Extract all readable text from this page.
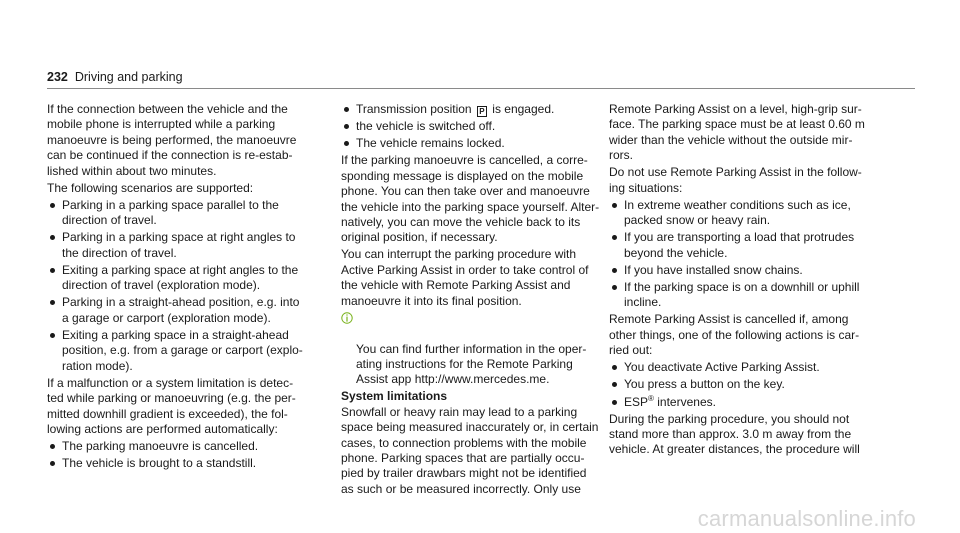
232 Driving and parking
If the connection between the vehicle and the
mobile phone is interrupted while a parking
manoeuvre is being performed, the manoeuvre
can be continued if the connection is re-estab-
lished within about two minutes.
The following scenarios are supported:
Parking in a parking space parallel to the
direction of travel.
Parking in a parking space at right angles to
the direction of travel.
Exiting a parking space at right angles to the
direction of travel (exploration mode).
Parking in a straight-ahead position, e.g. into
a garage or carport (exploration mode).
Exiting a parking space in a straight-ahead
position, e.g. from a garage or carport (explo-
ration mode).
If a malfunction or a system limitation is detec-
ted while parking or manoeuvring (e.g. the per-
mitted downhill gradient is exceeded), the fol-
lowing actions are performed automatically:
The parking manoeuvre is cancelled.
The vehicle is brought to a standstill.
Transmission position P is engaged.
the vehicle is switched off.
The vehicle remains locked.
If the parking manoeuvre is cancelled, a corre-
sponding message is displayed on the mobile
phone. You can then take over and manoeuvre
the vehicle into the parking space yourself. Alter-
natively, you can move the vehicle back to its
original position, if necessary.
You can interrupt the parking procedure with
Active Parking Assist in order to take control of
the vehicle with Remote Parking Assist and
manoeuvre it into its final position.

You can find further information in the oper-
ating instructions for the Remote Parking
Assist app http://www.mercedes.me.

System limitations
Snowfall or heavy rain may lead to a parking
space being measured inaccurately or, in certain
cases, to connection problems with the mobile
phone. Parking spaces that are partially occu-
pied by trailer drawbars might not be identified
as such or be measured incorrectly. Only use
Remote Parking Assist on a level, high-grip sur-
face. The parking space must be at least 0.60 m
wider than the vehicle without the outside mir-
rors.
Do not use Remote Parking Assist in the follow-
ing situations:
In extreme weather conditions such as ice,
packed snow or heavy rain.
If you are transporting a load that protrudes
beyond the vehicle.
If you have installed snow chains.
If the parking space is on a downhill or uphill
incline.
Remote Parking Assist is cancelled if, among
other things, one of the following actions is car-
ried out:
You deactivate Active Parking Assist.
You press a button on the key.
ESP® intervenes.
During the parking procedure, you should not
stand more than approx. 3.0 m away from the
vehicle. At greater distances, the procedure will
carmanualsonline.info
